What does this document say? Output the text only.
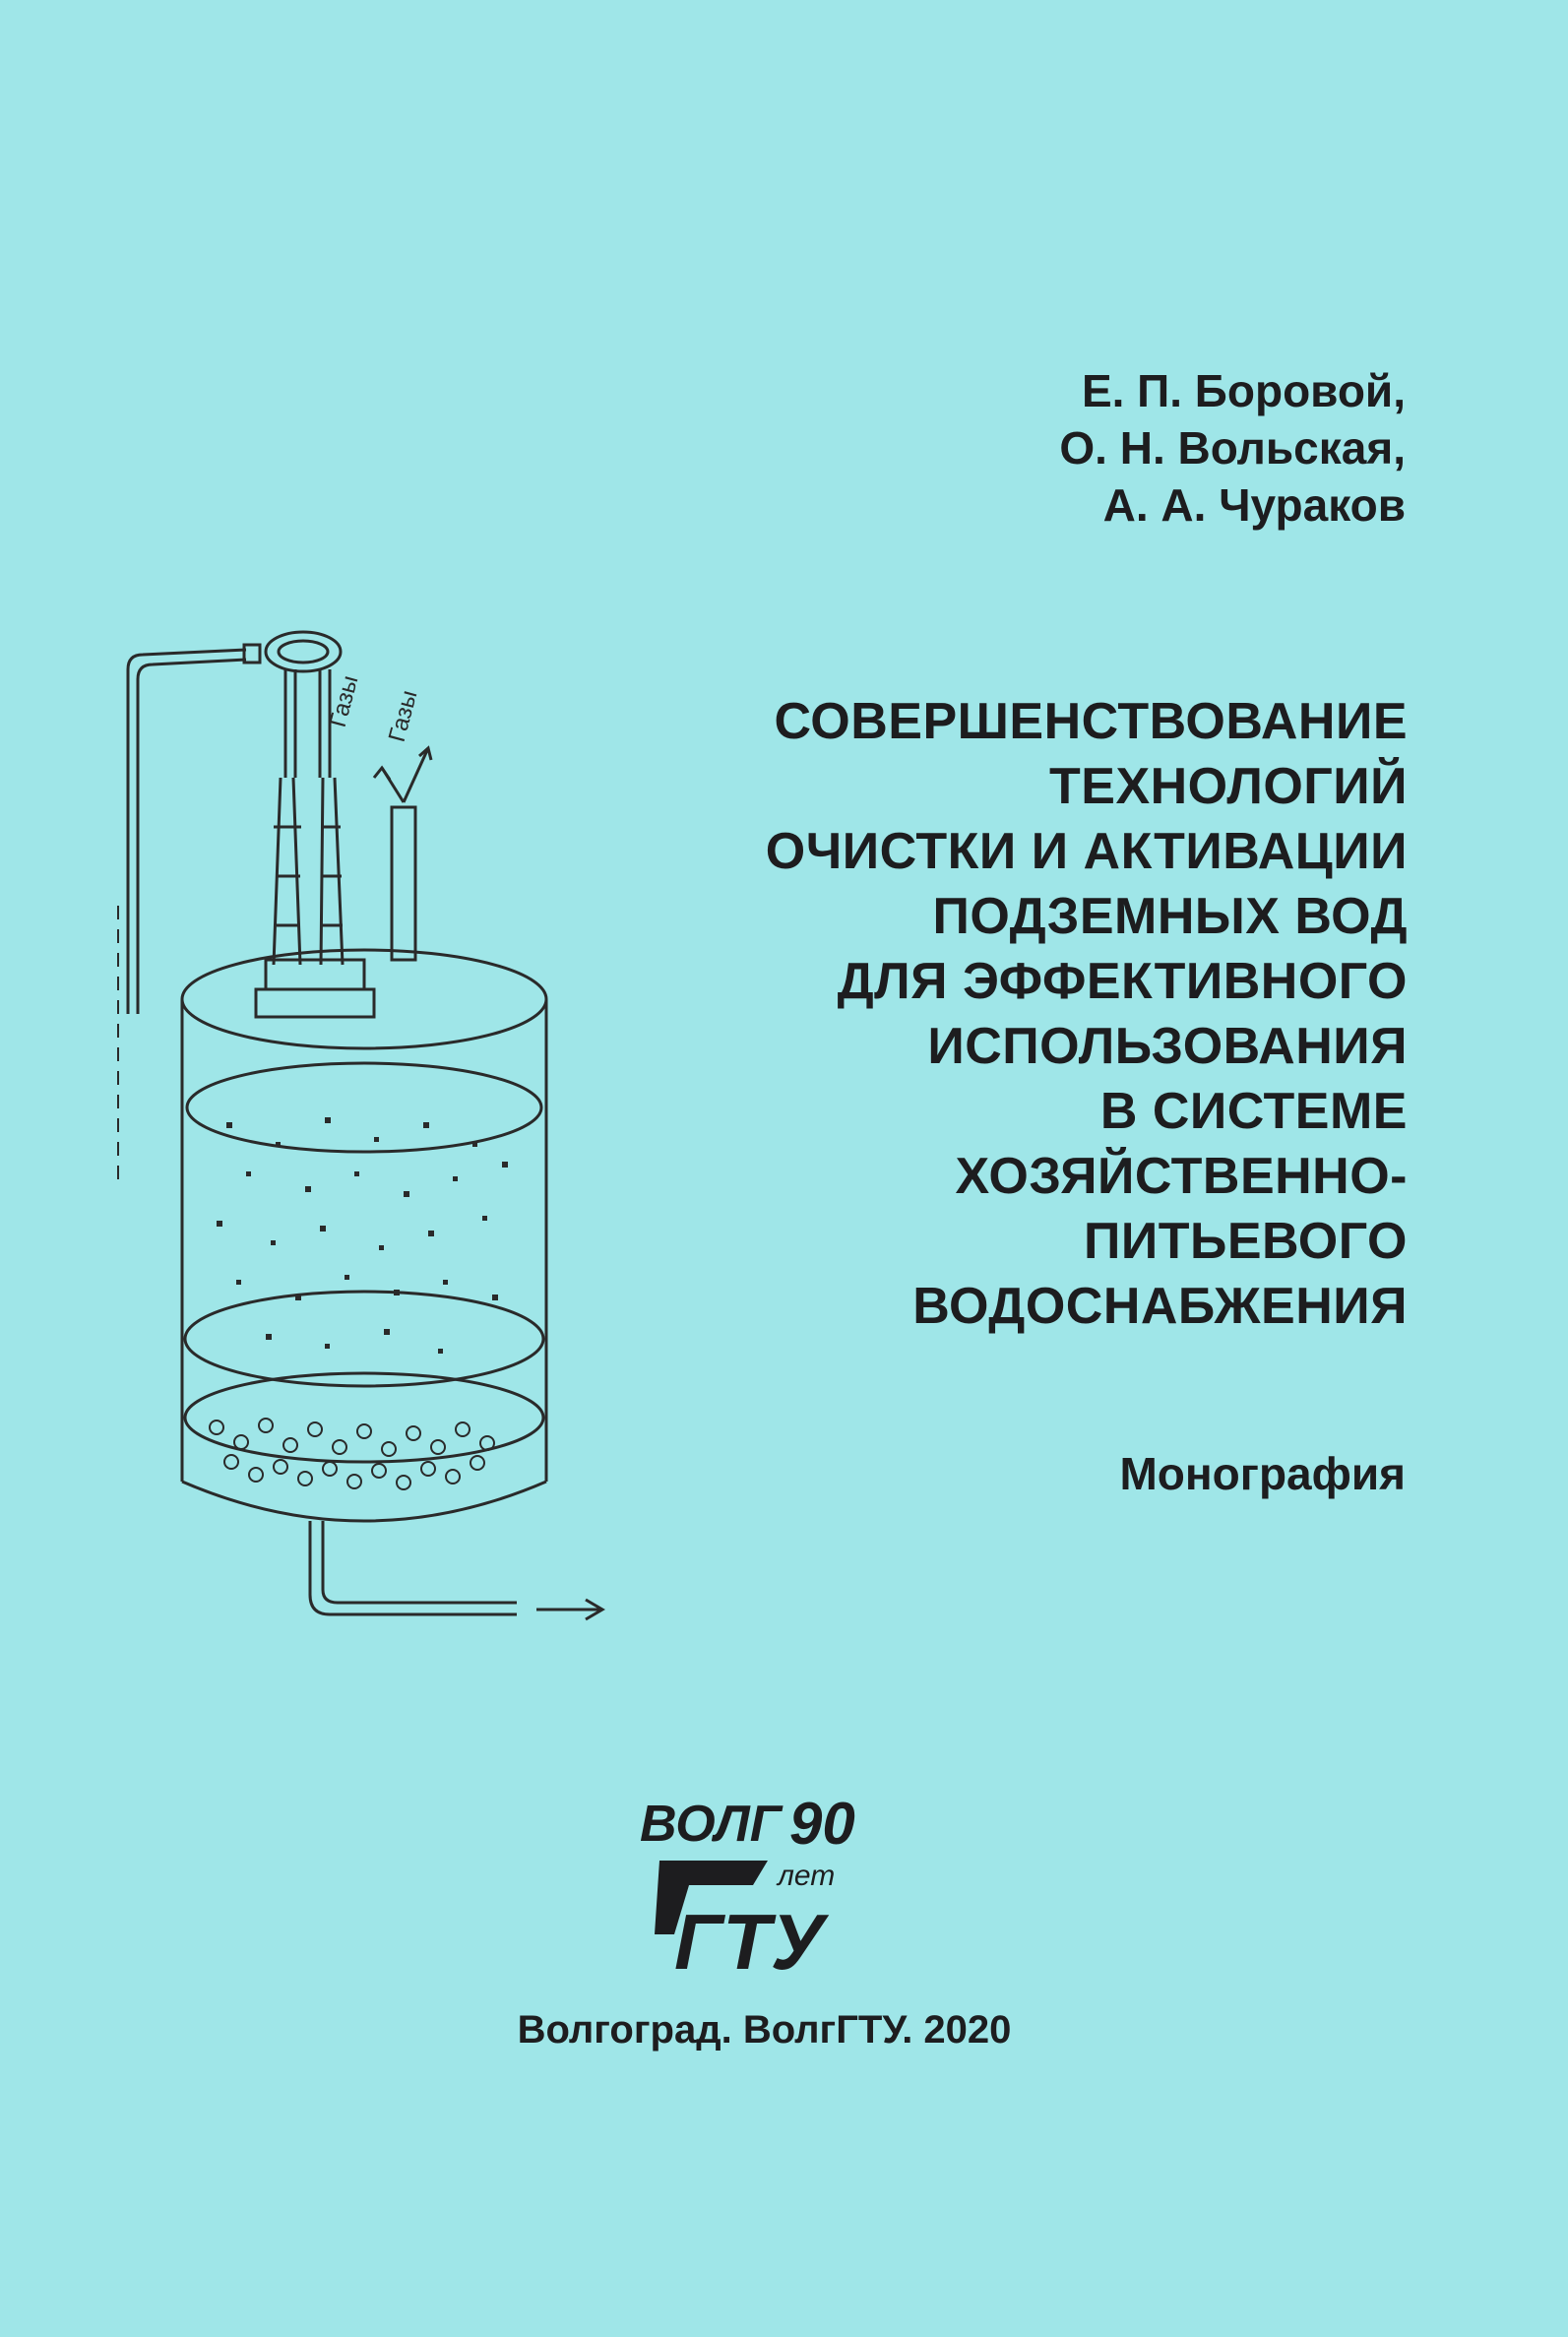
Е. П. Боровой,
О. Н. Вольская,
А. А. Чураков
Газы Газы	СОВЕРШЕНСТВОВАНИЕ
ТЕХНОЛОГИЙ
ОЧИСТКИ И АКТИВАЦИИ
ПОДЗЕМНЫХ ВОД
ДЛЯ ЭФФЕКТИВНОГО
ИСПОЛЬЗОВАНИЯ
В СИСТЕМЕ
ХОЗЯЙСТВЕННО-
ПИТЬЕВОГО
ВОДОСНАБЖЕНИЯ
Монография
ВОЛГ 90
лет
ГТУ
Волгоград. ВолгГТУ. 2020
